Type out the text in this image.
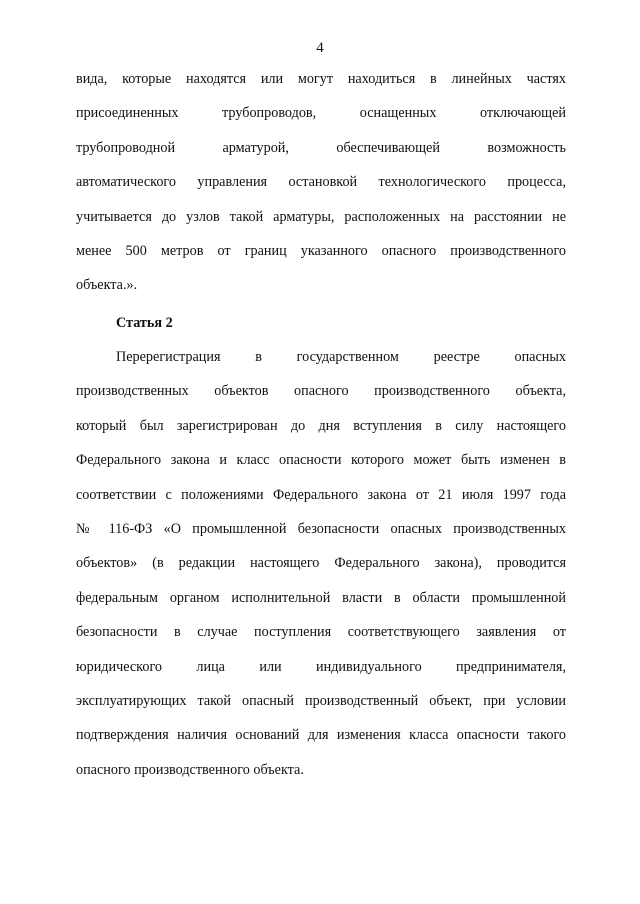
4
вида, которые находятся или могут находиться в линейных частях
присоединенных трубопроводов, оснащенных отключающей
трубопроводной арматурой, обеспечивающей возможность
автоматического управления остановкой технологического процесса,
учитывается до узлов такой арматуры, расположенных на расстоянии не
менее 500 метров от границ указанного опасного производственного
объекта.».
Статья 2
Перерегистрация в государственном реестре опасных
производственных объектов опасного производственного объекта,
который был зарегистрирован до дня вступления в силу настоящего
Федерального закона и класс опасности которого может быть изменен в
соответствии с положениями Федерального закона от 21 июля 1997 года
№ 116-ФЗ «О промышленной безопасности опасных производственных
объектов» (в редакции настоящего Федерального закона), проводится
федеральным органом исполнительной власти в области промышленной
безопасности в случае поступления соответствующего заявления от
юридического лица или индивидуального предпринимателя,
эксплуатирующих такой опасный производственный объект, при условии
подтверждения наличия оснований для изменения класса опасности такого
опасного производственного объекта.
